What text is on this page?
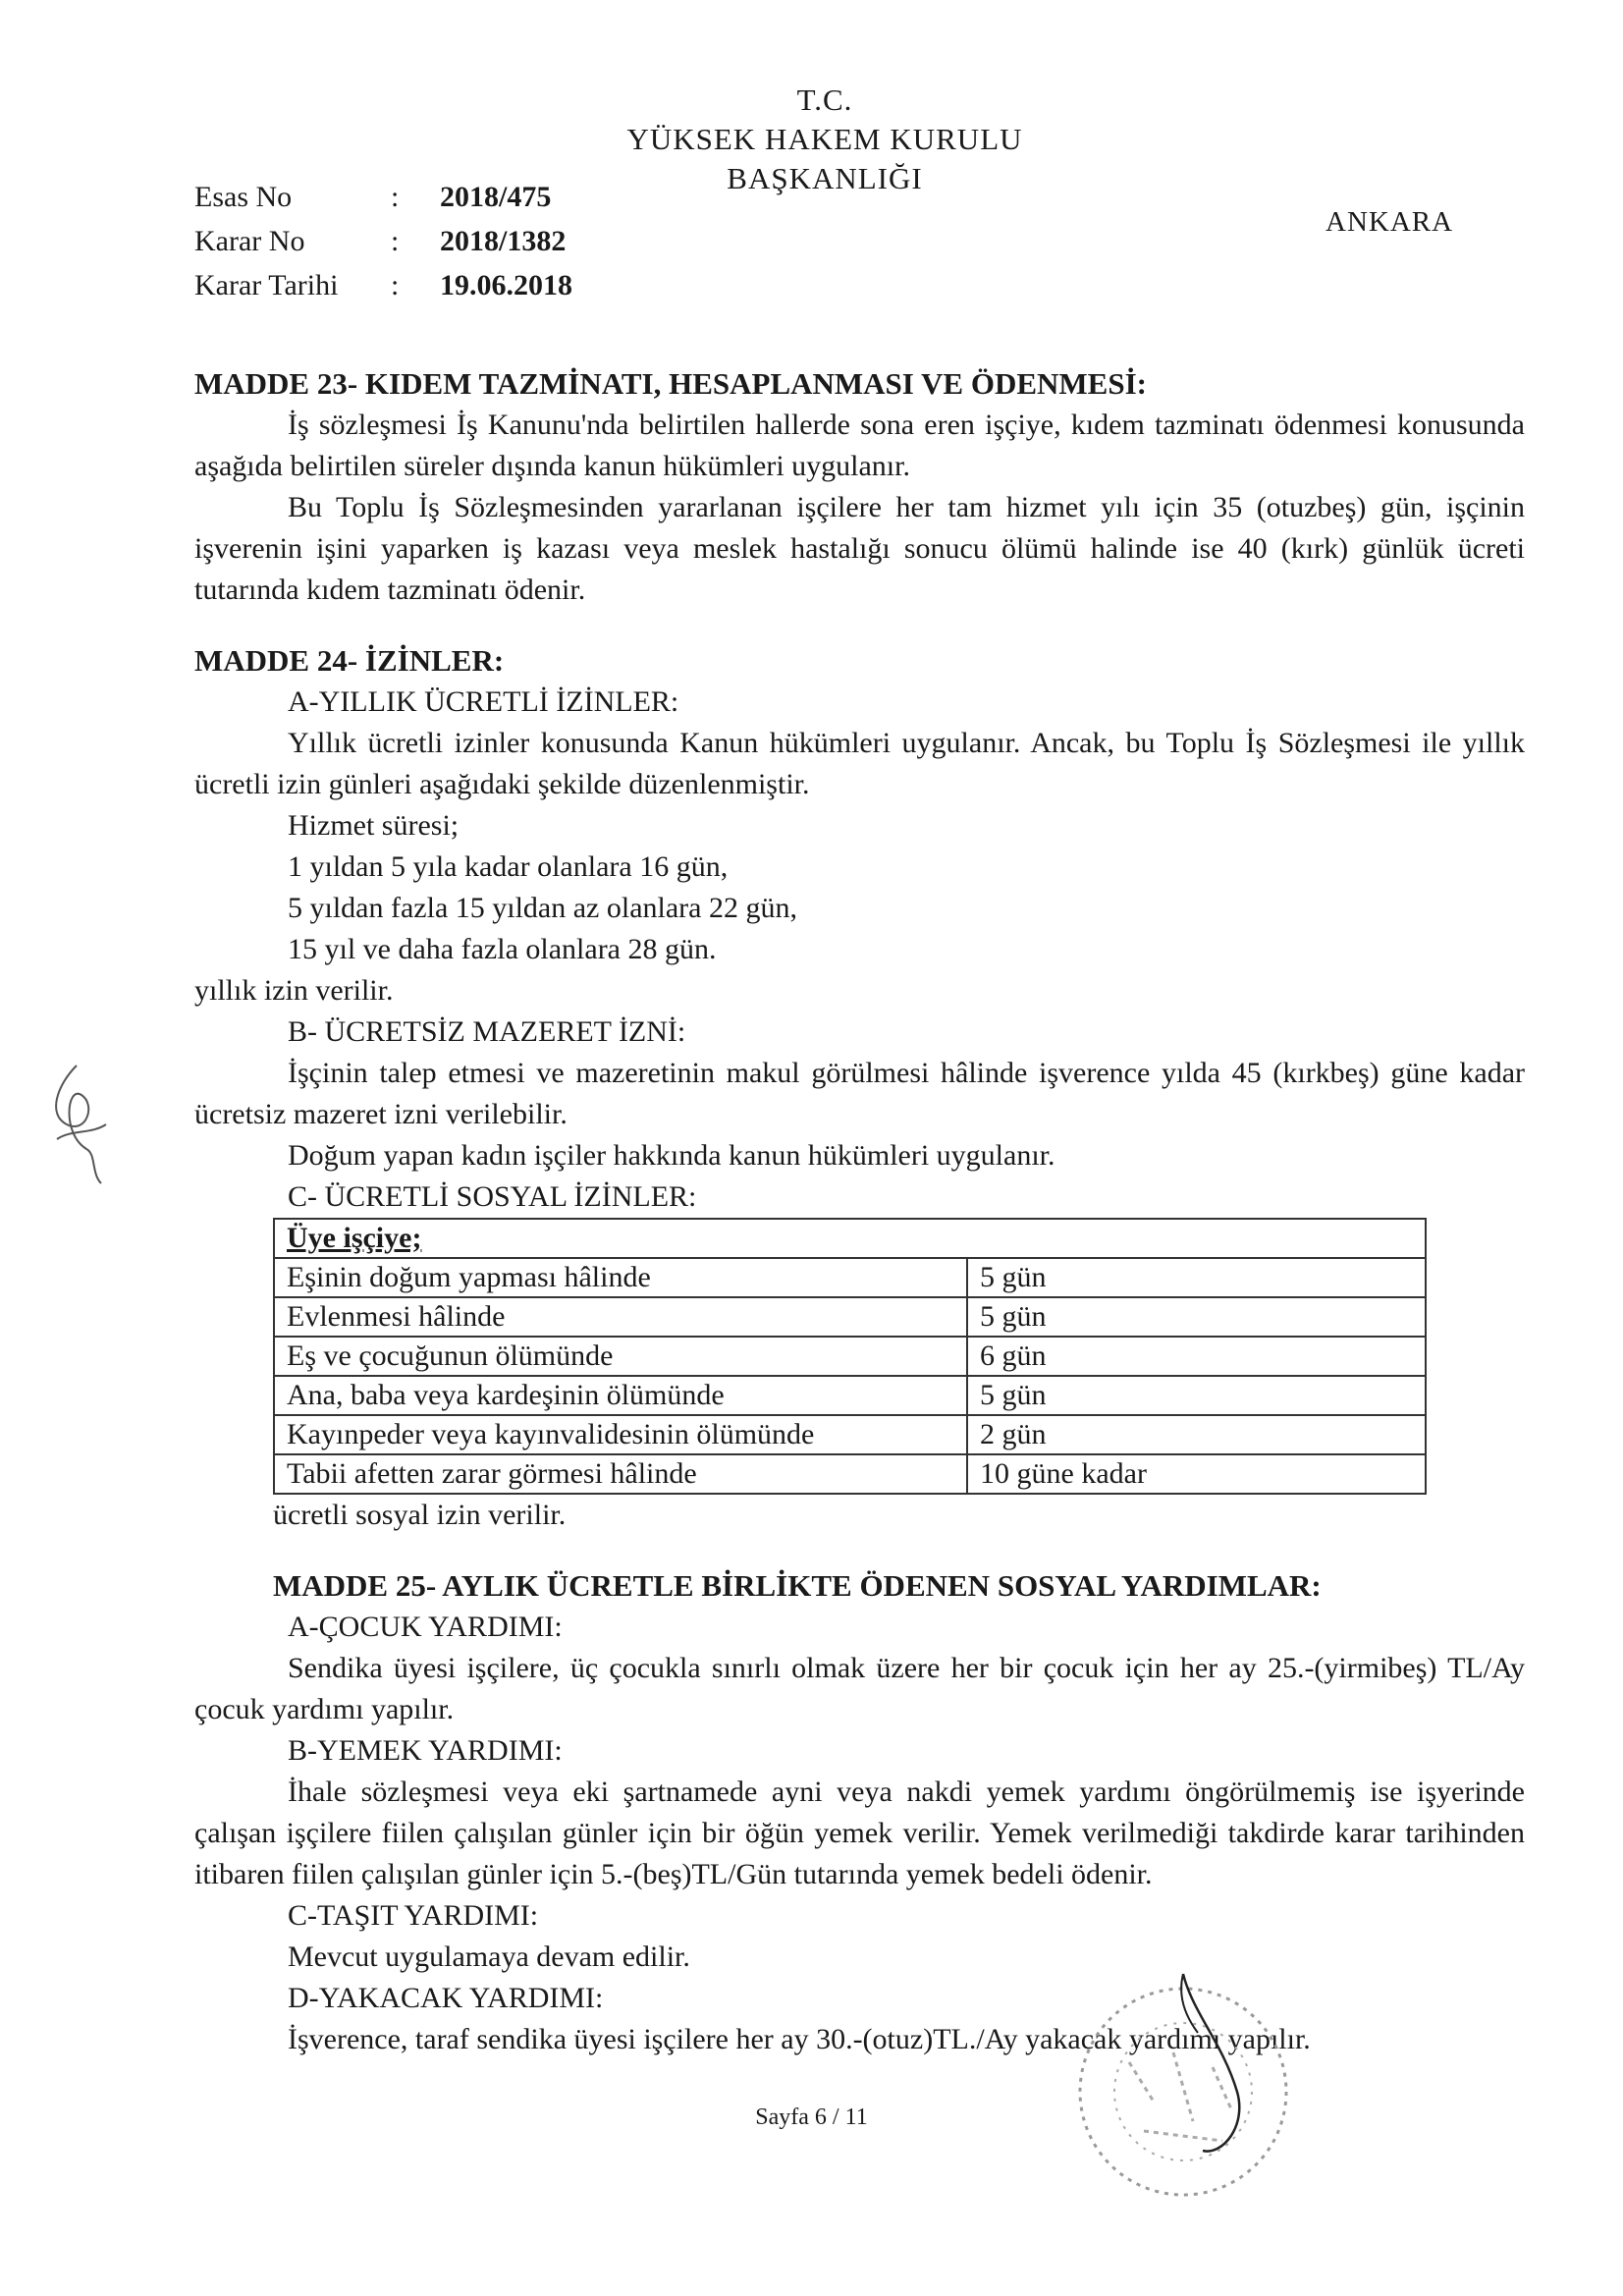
T.C.
YÜKSEK HAKEM KURULU
BAŞKANLIĞI
Esas No	:	2018/475
Karar No	:	2018/1382
Karar Tarihi	:	19.06.2018
ANKARA
MADDE 23- KIDEM TAZMİNATI, HESAPLANMASI VE ÖDENMESİ:

İş sözleşmesi İş Kanunu'nda belirtilen hallerde sona eren işçiye, kıdem tazminatı ödenmesi konusunda aşağıda belirtilen süreler dışında kanun hükümleri uygulanır.

Bu Toplu İş Sözleşmesinden yararlanan işçilere her tam hizmet yılı için 35 (otuzbeş) gün, işçinin işverenin işini yaparken iş kazası veya meslek hastalığı sonucu ölümü halinde ise 40 (kırk) günlük ücreti tutarında kıdem tazminatı ödenir.

MADDE 24- İZİNLER:
A-YILLIK ÜCRETLİ İZİNLER:

Yıllık ücretli izinler konusunda Kanun hükümleri uygulanır. Ancak, bu Toplu İş Sözleşmesi ile yıllık ücretli izin günleri aşağıdaki şekilde düzenlenmiştir.

Hizmet süresi;

1 yıldan 5 yıla kadar olanlara 16 gün,

5 yıldan fazla 15 yıldan az olanlara 22 gün,

15 yıl ve daha fazla olanlara 28 gün.

yıllık izin verilir.

B- ÜCRETSİZ MAZERET İZNİ:

İşçinin talep etmesi ve mazeretinin makul görülmesi hâlinde işverence yılda 45 (kırkbeş) güne kadar ücretsiz mazeret izni verilebilir.

Doğum yapan kadın işçiler hakkında kanun hükümleri uygulanır.

C- ÜCRETLİ SOSYAL İZİNLER:
Üye işçiye;	
Eşinin doğum yapması hâlinde	5 gün
Evlenmesi hâlinde	5 gün
Eş ve çocuğunun ölümünde	6 gün
Ana, baba veya kardeşinin ölümünde	5 gün
Kayınpeder veya kayınvalidesinin ölümünde	2 gün
Tabii afetten zarar görmesi hâlinde	10 güne kadar

ücretli sosyal izin verilir.

MADDE 25- AYLIK ÜCRETLE BİRLİKTE ÖDENEN SOSYAL YARDIMLAR:
A-ÇOCUK YARDIMI:

Sendika üyesi işçilere, üç çocukla sınırlı olmak üzere her bir çocuk için her ay 25.-(yirmibeş) TL/Ay çocuk yardımı yapılır.

B-YEMEK YARDIMI:

İhale sözleşmesi veya eki şartnamede ayni veya nakdi yemek yardımı öngörülmemiş ise işyerinde çalışan işçilere fiilen çalışılan günler için bir öğün yemek verilir. Yemek verilmediği takdirde karar tarihinden itibaren fiilen çalışılan günler için 5.-(beş)TL/Gün tutarında yemek bedeli ödenir.

C-TAŞIT YARDIMI:

Mevcut uygulamaya devam edilir.

D-YAKACAK YARDIMI:

İşverence, taraf sendika üyesi işçilere her ay 30.-(otuz)TL./Ay yakacak yardımı yapılır.

Sayfa 6 / 11
